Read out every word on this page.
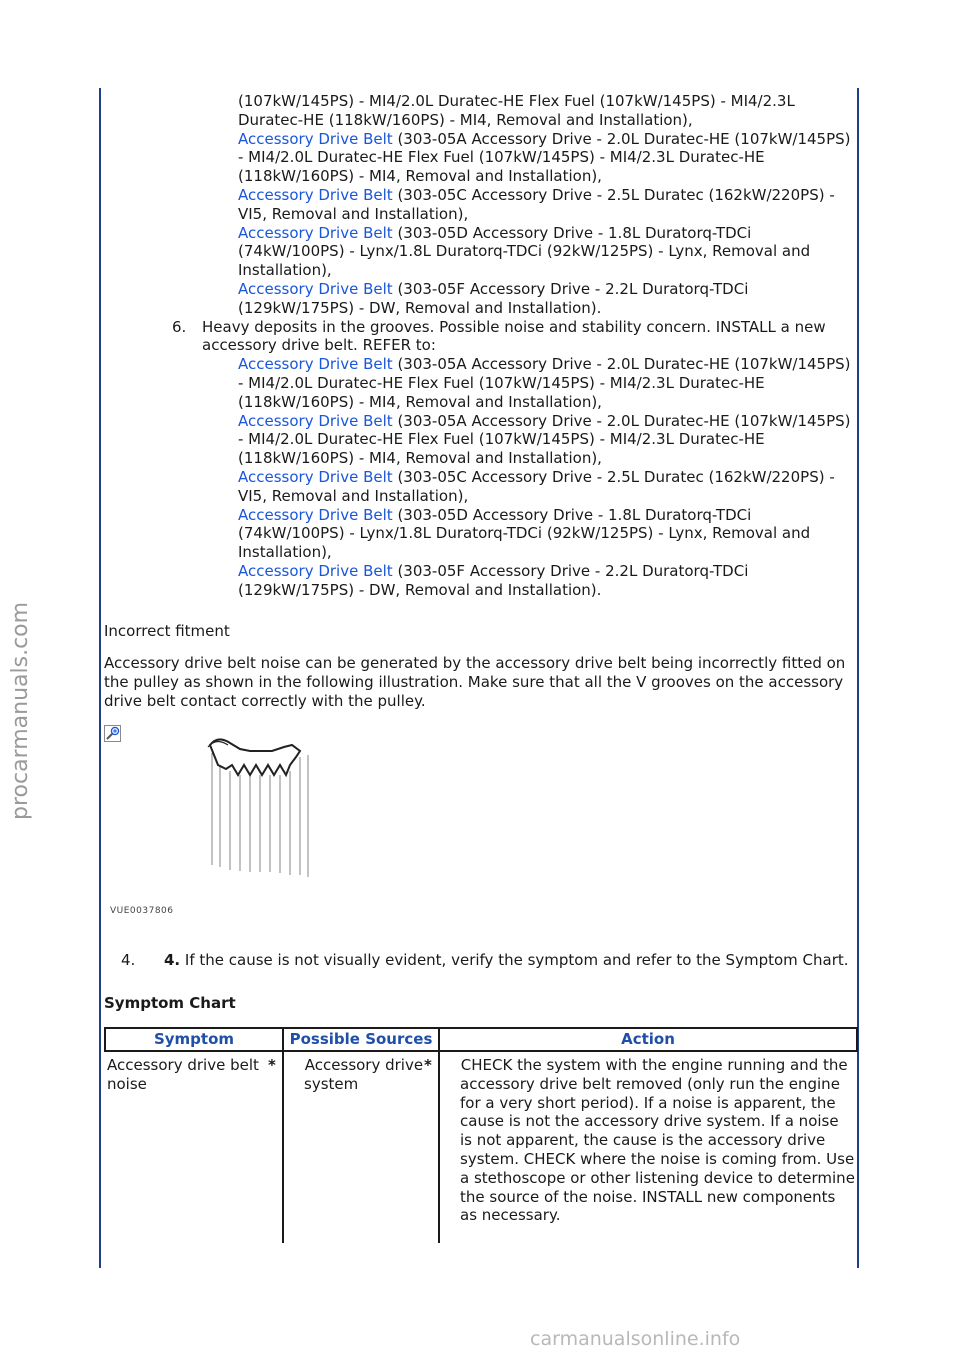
procarmanuals.com
carmanualsonline.info

(107kW/145PS) - MI4/2.0L Duratec-HE Flex Fuel (107kW/145PS) - MI4/2.3L Duratec-HE (118kW/160PS) - MI4, Removal and Installation),

Accessory Drive Belt (303-05A Accessory Drive - 2.0L Duratec-HE (107kW/145PS) - MI4/2.0L Duratec-HE Flex Fuel (107kW/145PS) - MI4/2.3L Duratec-HE (118kW/160PS) - MI4, Removal and Installation),

Accessory Drive Belt (303-05C Accessory Drive - 2.5L Duratec (162kW/220PS) - VI5, Removal and Installation),

Accessory Drive Belt (303-05D Accessory Drive - 1.8L Duratorq-TDCi (74kW/100PS) - Lynx/1.8L Duratorq-TDCi (92kW/125PS) - Lynx, Removal and Installation),

Accessory Drive Belt (303-05F Accessory Drive - 2.2L Duratorq-TDCi (129kW/175PS) - DW, Removal and Installation).

6. Heavy deposits in the grooves. Possible noise and stability concern. INSTALL a new accessory drive belt. REFER to:

Accessory Drive Belt (303-05A Accessory Drive - 2.0L Duratec-HE (107kW/145PS) - MI4/2.0L Duratec-HE Flex Fuel (107kW/145PS) - MI4/2.3L Duratec-HE (118kW/160PS) - MI4, Removal and Installation),

Accessory Drive Belt (303-05A Accessory Drive - 2.0L Duratec-HE (107kW/145PS) - MI4/2.0L Duratec-HE Flex Fuel (107kW/145PS) - MI4/2.3L Duratec-HE (118kW/160PS) - MI4, Removal and Installation),

Accessory Drive Belt (303-05C Accessory Drive - 2.5L Duratec (162kW/220PS) - VI5, Removal and Installation),

Accessory Drive Belt (303-05D Accessory Drive - 1.8L Duratorq-TDCi (74kW/100PS) - Lynx/1.8L Duratorq-TDCi (92kW/125PS) - Lynx, Removal and Installation),

Accessory Drive Belt (303-05F Accessory Drive - 2.2L Duratorq-TDCi (129kW/175PS) - DW, Removal and Installation).

Incorrect fitment

Accessory drive belt noise can be generated by the accessory drive belt being incorrectly fitted on the pulley as shown in the following illustration. Make sure that all the V grooves on the accessory drive belt contact correctly with the pulley.

VUE0037806
4. 4. If the cause is not visually evident, verify the symptom and refer to the Symptom Chart.

Symptom Chart

Symptom	Possible Sources	Action
Accessory drive belt noise	* Accessory drive system	* CHECK the system with the engine running and the accessory drive belt removed (only run the engine for a very short period). If a noise is apparent, the cause is not the accessory drive system. If a noise is not apparent, the cause is the accessory drive system. CHECK where the noise is coming from. Use a stethoscope or other listening device to determine the source of the noise. INSTALL new components as necessary.
